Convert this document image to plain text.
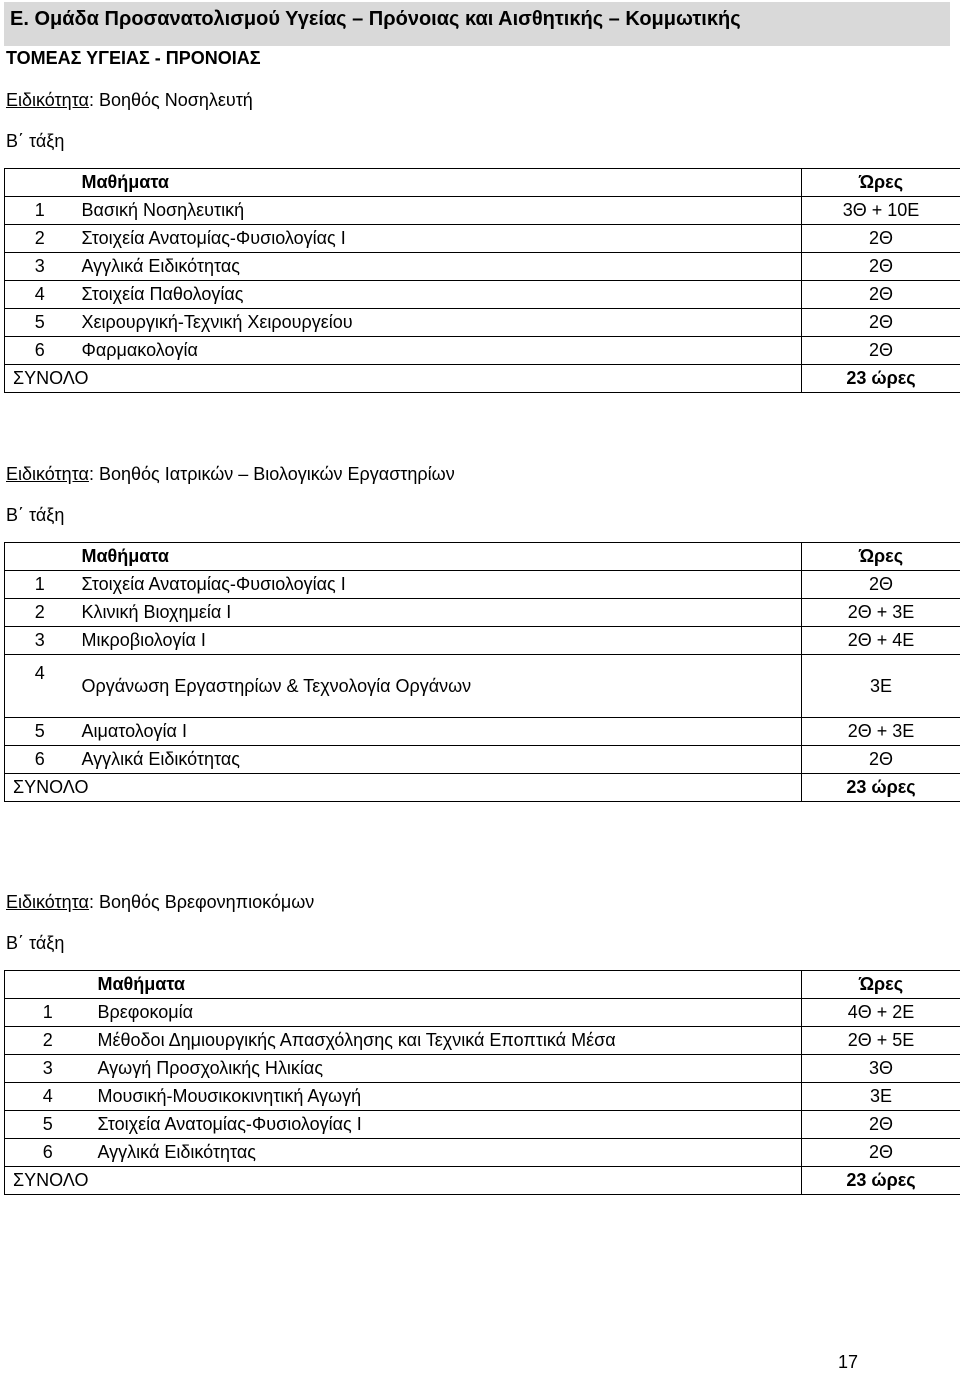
Ε. Ομάδα Προσανατολισμού Υγείας – Πρόνοιας και Αισθητικής – Κομμωτικής
ΤΟΜΕΑΣ ΥΓΕΙΑΣ - ΠΡΟΝΟΙΑΣ
Ειδικότητα: Βοηθός Νοσηλευτή
Β΄ τάξη
	Μαθήματα	Ώρες
1	Βασική Νοσηλευτική	3Θ + 10Ε
2	Στοιχεία Ανατομίας-Φυσιολογίας Ι	2Θ
3	Αγγλικά Ειδικότητας	2Θ
4	Στοιχεία Παθολογίας	2Θ
5	Χειρουργική-Τεχνική Χειρουργείου	2Θ
6	Φαρμακολογία	2Θ
ΣΥΝΟΛΟ		23 ώρες
Ειδικότητα: Βοηθός Ιατρικών – Βιολογικών Εργαστηρίων
Β΄ τάξη
	Μαθήματα	Ώρες
1	Στοιχεία Ανατομίας-Φυσιολογίας Ι	2Θ
2	Κλινική Βιοχημεία Ι	2Θ + 3Ε
3	Μικροβιολογία Ι	2Θ + 4Ε
4	Οργάνωση Εργαστηρίων & Τεχνολογία Οργάνων	3Ε
5	Αιματολογία Ι	2Θ + 3Ε
6	Αγγλικά Ειδικότητας	2Θ
ΣΥΝΟΛΟ		23 ώρες
Ειδικότητα: Βοηθός Βρεφονηπιοκόμων
Β΄ τάξη
	Μαθήματα	Ώρες
1	Βρεφοκομία	4Θ + 2Ε
2	Μέθοδοι Δημιουργικής Απασχόλησης και Τεχνικά Εποπτικά Μέσα	2Θ + 5Ε
3	Αγωγή Προσχολικής Ηλικίας	3Θ
4	Μουσική-Μουσικοκινητική Αγωγή	3Ε
5	Στοιχεία Ανατομίας-Φυσιολογίας Ι	2Θ
6	Αγγλικά Ειδικότητας	2Θ
ΣΥΝΟΛΟ		23 ώρες
17
